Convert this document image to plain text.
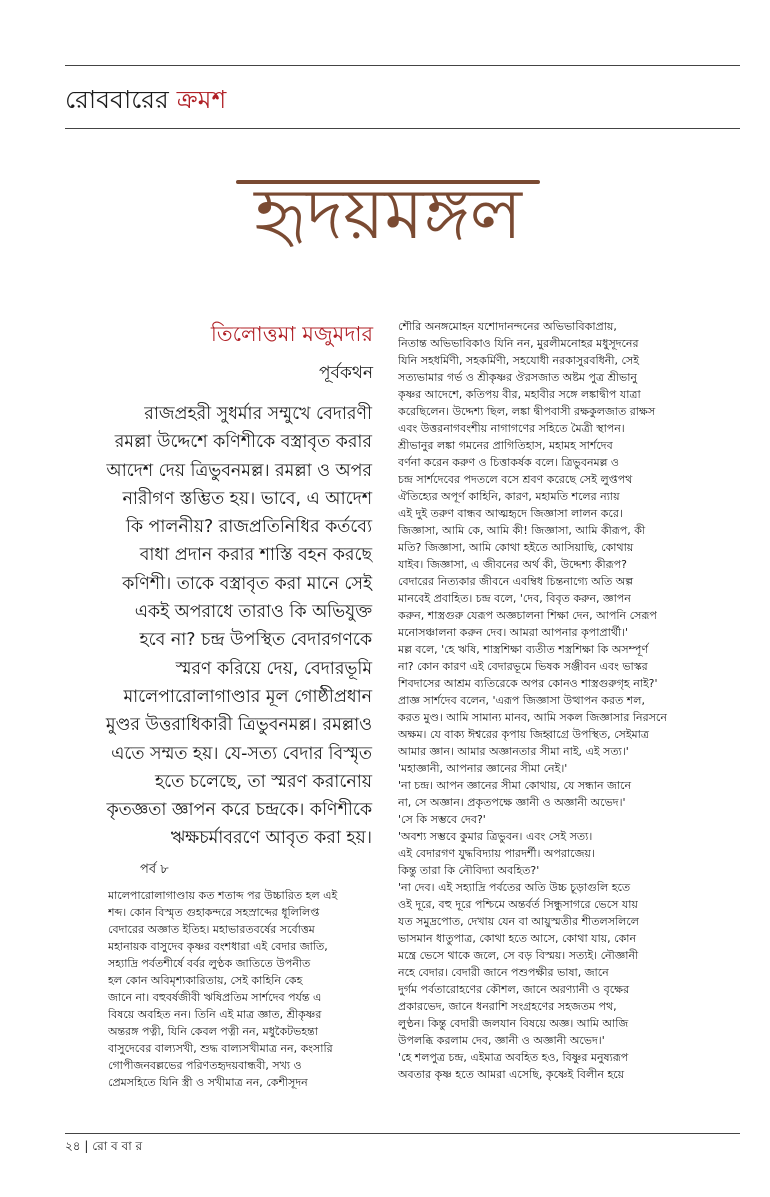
রোববারের ক্রমশ
হৃদয়মঙ্গল
তিলোত্তমা মজুমদার
পূর্বকথন
রাজপ্রহরী সুধর্মার সম্মুখে বেদারণী
রমল্লা উদ্দেশে কণিশীকে বস্ত্রাবৃত করার
আদেশ দেয় ত্রিভুবনমল্ল। রমল্লা ও অপর
নারীগণ স্তম্ভিত হয়। ভাবে, এ আদেশ
কি পালনীয়? রাজপ্রতিনিধির কর্তব্যে
বাধা প্রদান করার শাস্তি বহন করছে
কণিশী। তাকে বস্ত্রাবৃত করা মানে সেই
একই অপরাধে তারাও কি অভিযুক্ত
হবে না? চন্দ্র উপস্থিত বেদারগণকে
স্মরণ করিয়ে দেয়, বেদারভূমি
মালেপারোলাগাণ্ডার মূল গোষ্ঠীপ্রধান
মুণ্ডর উত্তরাধিকারী ত্রিভুবনমল্ল। রমল্লাও
এতে সম্মত হয়। যে-সত্য বেদার বিস্মৃত
হতে চলেছে, তা স্মরণ করানোয়
কৃতজ্ঞতা জ্ঞাপন করে চন্দ্রকে। কণিশীকে
ঋক্ষচর্মাবরণে আবৃত করা হয়।
পর্ব ৮
মালেপারোলাগাণ্ডায় কত শতাব্দ পর উচ্চারিত হল এই
শব্দ। কোন বিস্মৃত গুহাকন্দরে সহস্রাব্দের ধূলিলিপ্ত
বেদারের অজ্ঞাত ইতিহ। মহাভারতবর্ষের সর্বোত্তম
মহানায়ক বাসুদেব কৃষ্ণর বংশধারা এই বেদার জাতি,
সহ্যাদ্রি পর্বতশীর্ষে বর্বর লুণ্ঠক জাতিতে উপনীত
হল কোন অবিমৃশ্যকারিতায়, সেই কাহিনি কেহ
জানে না। বহুবর্ষজীবী ঋষিপ্রতিম সার্শদেব পর্যন্ত এ
বিষয়ে অবহিত নন। তিনি এই মাত্র জ্ঞাত, শ্রীকৃষ্ণর
অন্তরঙ্গ পত্নী, যিনি কেবল পত্নী নন, মধুকৈটভহন্তা
বাসুদেবের বাল্যসখী, শুদ্ধ বাল্যসখীমাত্র নন, কংসারি
গোপীজনবল্লভের পরিণতহৃদয়বান্ধবী, সখ্য ও
প্রেমসহিতে যিনি স্ত্রী ও সখীমাত্র নন, কেশীসূদন
শৌরি অনঙ্গমোহন যশোদানন্দনের অভিভাবিকাপ্রায়,
নিতান্ত অভিভাবিকাও যিনি নন, মুরলীমনোহর মধুসূদনের
যিনি সহধর্মিণী, সহকর্মিণী, সহযোধী নরকাসুরবধিনী, সেই
সত্যভামার গর্ভ ও শ্রীকৃষ্ণর ঔরসজাত অষ্টম পুত্র শ্রীভানু
কৃষ্ণর আদেশে, কতিপয় বীর, মহাবীর সঙ্গে লঙ্কাদ্বীপ যাত্রা
করেছিলেন। উদ্দেশ্য ছিল, লঙ্কা দ্বীপবাসী রক্ষকুলজাত রাক্ষস
এবং উত্তরনাগবংশীয় নাগাগণের সহিতে মৈত্রী স্থাপন।
শ্রীভানুর লঙ্কা গমনের প্রাগিতিহাস, মহামহ সার্শদেব
বর্ণনা করেন করুণ ও চিত্তাকর্ষক বলে। ত্রিভুবনমল্ল ও
চন্দ্র সার্শদেবের পদতলে বসে শ্রবণ করেছে সেই লুপ্তপথ
ঐতিহ্যের অপূর্ণ কাহিনি, কারণ, মহামতি শলের ন্যায়
এই দুই তরুণ বান্ধব আত্মহৃদে জিজ্ঞাসা লালন করে।
জিজ্ঞাসা, আমি কে, আমি কী! জিজ্ঞাসা, আমি কীরূপ, কী
মতি? জিজ্ঞাসা, আমি কোথা হইতে আসিয়াছি, কোথায়
যাইব। জিজ্ঞাসা, এ জীবনের অর্থ কী, উদ্দেশ্য কীরূপ?
বেদারের নিত্যকার জীবনে এবম্বিধ চিন্তনাগ্যে অতি অল্প
মানবেই প্রবাহিত। চন্দ্র বলে, 'দেব, বিবৃত করুন, জ্ঞাপন
করুন, শাস্ত্রগুরু যেরূপ অজ্ঞচালনা শিক্ষা দেন, আপনি সেরূপ
মনোসঞ্চালনা করুন দেব। আমরা আপনার কৃপাপ্রার্থী।'
মল্ল বলে, 'হে ঋষি, শাস্ত্রশিক্ষা ব্যতীত শস্ত্রশিক্ষা কি অসম্পূর্ণ
না? কোন কারণ এই বেদারভূমে ভিষক সঞ্জীবন এবং ভাস্কর
শিবদাসের আশ্রম ব্যতিরেকে অপর কোনও শাস্ত্রগুরুগৃহ নাই?'
প্রাজ্ঞ সার্শদেব বলেন, 'এরূপ জিজ্ঞাসা উত্থাপন করত শল,
করত মুণ্ড। আমি সামান্য মানব, আমি সকল জিজ্ঞাসার নিরসনে
অক্ষম। যে বাক্য ঈশ্বরের কৃপায় জিহ্বাগ্রে উপস্থিত, সেইমাত্র
আমার জ্ঞান। আমার অজ্ঞানতার সীমা নাই, এই সত্য।'
'মহাজ্ঞানী, আপনার জ্ঞানের সীমা নেই।'
'না চন্দ্র। আপন জ্ঞানের সীমা কোথায়, যে সন্ধান জানে
না, সে অজ্ঞান। প্রকৃতপক্ষে জ্ঞানী ও অজ্ঞানী অভেদ।'
'সে কি সম্ভবে দেব?'
'অবশ্য সম্ভবে কুমার ত্রিভুবন। এবং সেই সত্য।
এই বেদারগণ যুদ্ধবিদ্যায় পারদর্শী। অপরাজেয়।
কিন্তু তারা কি নৌবিদ্যা অবহিত?'
'না দেব। এই সহ্যাদ্রি পর্বতের অতি উচ্চ চূড়াগুলি হতে
ওই দূরে, বহু দূরে পশ্চিমে অন্তর্বর্ত সিন্ধুসাগরে ভেসে যায়
যত সমুদ্রপোত, দেখায় যেন বা আয়ুস্মতীর শীতলসলিলে
ভাসমান ধাতুপাত্র, কোথা হতে আসে, কোথা যায়, কোন
মন্ত্রে ভেসে থাকে জলে, সে বড় বিস্ময়। সত্যই। নৌজ্ঞানী
নহে বেদার। বেদারী জানে পশুপক্ষীর ভাষা, জানে
দুর্গম পর্বতারোহণের কৌশল, জানে অরণ্যানী ও বৃক্ষের
প্রকারভেদ, জানে ধনরাশি সংগ্রহণের সহজতম পথ,
লুণ্ঠন। কিন্তু বেদারী জলযান বিষয়ে অজ্ঞ। আমি আজি
উপলব্ধি করলাম দেব, জ্ঞানী ও অজ্ঞানী অভেদ।'
'হে শলপুত্র চন্দ্র, এইমাত্র অবহিত হও, বিষ্ণুর মনুষ্যরূপ
অবতার কৃষ্ণ হতে আমরা এসেছি, কৃষ্ণেই বিলীন হয়ে
২৪ | রো ব বা র
